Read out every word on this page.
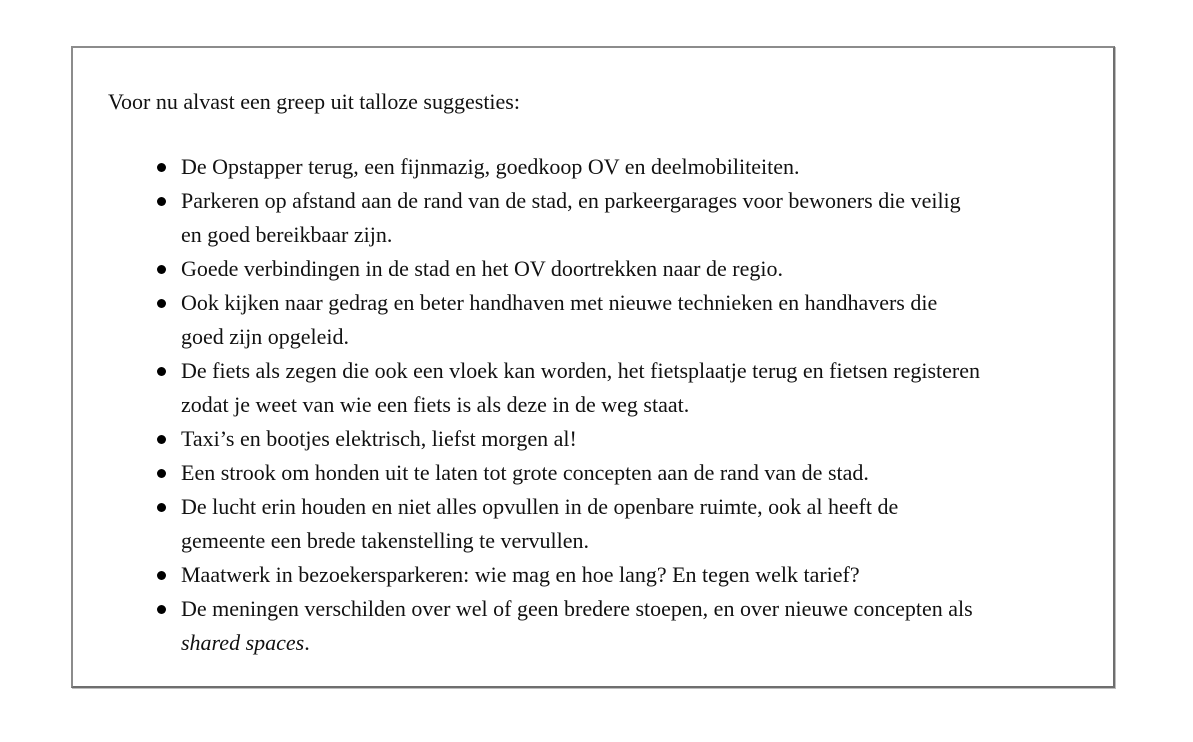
Voor nu alvast een greep uit talloze suggesties:

De Opstapper terug, een fijnmazig, goedkoop OV en deelmobiliteiten.
Parkeren op afstand aan de rand van de stad, en parkeergarages voor bewoners die veilig
en goed bereikbaar zijn.
Goede verbindingen in de stad en het OV doortrekken naar de regio.
Ook kijken naar gedrag en beter handhaven met nieuwe technieken en handhavers die
goed zijn opgeleid.
De fiets als zegen die ook een vloek kan worden, het fietsplaatje terug en fietsen registeren
zodat je weet van wie een fiets is als deze in de weg staat.
Taxi’s en bootjes elektrisch, liefst morgen al!
Een strook om honden uit te laten tot grote concepten aan de rand van de stad.
De lucht erin houden en niet alles opvullen in de openbare ruimte, ook al heeft de
gemeente een brede takenstelling te vervullen.
Maatwerk in bezoekersparkeren: wie mag en hoe lang? En tegen welk tarief?
De meningen verschilden over wel of geen bredere stoepen, en over nieuwe concepten als
shared spaces.
